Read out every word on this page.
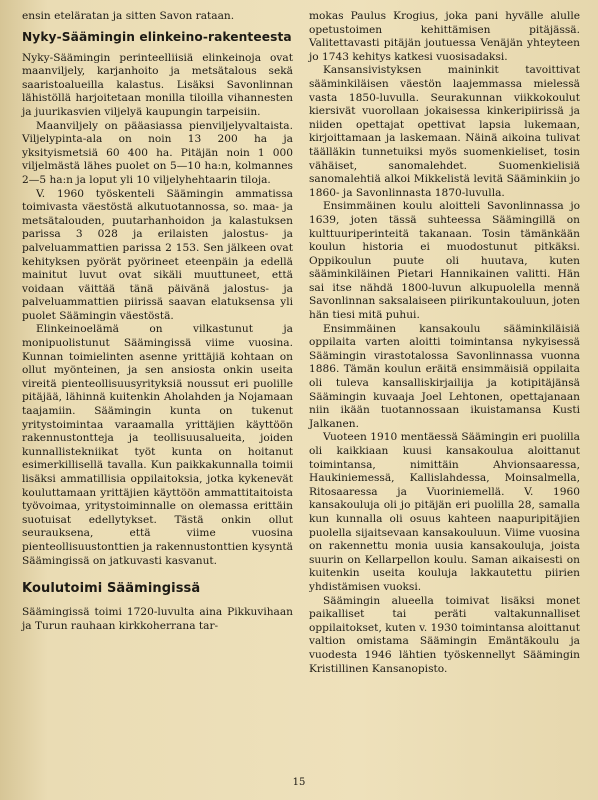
ensin eteläratan ja sitten Savon rataan.

Nyky-Säämingin elinkeino-rakenteesta

Nyky-Säämingin perinteelliisiä elinkeinoja ovat maanviljely, karjanhoito ja metsätalous sekä saaristoalueilla kalastus. Lisäksi Savonlinnan lähistöllä harjoitetaan monilla tiloilla vihannesten ja juurikasvien viljelyä kaupungin tarpeisiin.

Maanviljely on pääasiassa pienviljelyvaltaista. Viljelypinta-ala on noin 13 200 ha ja yksityismetsiä 60 400 ha. Pitäjän noin 1 000 viljelmästä lähes puolet on 5—10 ha:n, kolmannes 2—5 ha:n ja loput yli 10 viljelyhehtaarin tiloja.

V. 1960 työskenteli Säämingin ammatissa toimivasta väestöstä alkutuotannossa, so. maa- ja metsätalouden, puutarhanhoidon ja kalastuksen parissa 3 028 ja erilaisten jalostus- ja palveluammattien parissa 2 153. Sen jälkeen ovat kehityksen pyörät pyörineet eteenpäin ja edellä mainitut luvut ovat sikäli muuttuneet, että voidaan väittää tänä päivänä jalostus- ja palveluammattien piirissä saavan elatuksensa yli puolet Säämingin väestöstä.

Elinkeinoelämä on vilkastunut ja monipuolistunut Säämingissä viime vuosina. Kunnan toimielinten asenne yrittäjiä kohtaan on ollut myönteinen, ja sen ansiosta onkin useita vireitä pienteollisuusyrityksiä noussut eri puolille pitäjää, lähinnä kuitenkin Aholahden ja Nojamaan taajamiin. Säämingin kunta on tukenut yritystoimintaa varaamalla yrittäjien käyttöön rakennustontteja ja teollisuusalueita, joiden kunnallistekniikat työt kunta on hoitanut esimerkillisellä tavalla. Kun paikkakunnalla toimii lisäksi ammatillisia oppilaitoksia, jotka kykenevät kouluttamaan yrittäjien käyttöön ammattitaitoista työvoimaa, yritystoiminnalle on olemassa erittäin suotuisat edellytykset. Tästä onkin ollut seurauksena, että viime vuosina pienteollisuustonttien ja rakennustonttien kysyntä Säämingissä on jatkuvasti kasvanut.

Koulutoimi Säämingissä

Säämingissä toimi 1720-luvulta aina Pikkuvihaan ja Turun rauhaan kirkkoherrana tar-

mokas Paulus Krogius, joka pani hyvälle alulle opetustoimen kehittämisen pitäjässä. Valitettavasti pitäjän joutuessa Venäjän yhteyteen jo 1743 kehitys katkesi vuosisadaksi.

Kansansivistyksen maininkit tavoittivat sääminkiläisen väestön laajemmassa mielessä vasta 1850-luvulla. Seurakunnan viikkokoulut kiersivät vuorollaan jokaisessa kinkeripiirissä ja niiden opettajat opettivat lapsia lukemaan, kirjoittamaan ja laskemaan. Näinä aikoina tulivat täälläkin tunnetuiksi myös suomenkieliset, tosin vähäiset, sanomalehdet. Suomenkielisiä sanomalehtiä alkoi Mikkelistä levitä Sääminkiin jo 1860- ja Savonlinnasta 1870-luvulla.

Ensimmäinen koulu aloitteli Savonlinnassa jo 1639, joten tässä suhteessa Säämingillä on kulttuuriperinteitä takanaan. Tosin tämänkään koulun historia ei muodostunut pitkäksi. Oppikoulun puute oli huutava, kuten sääminkiläinen Pietari Hannikainen valitti. Hän sai itse nähdä 1800-luvun alkupuolella mennä Savonlinnan saksalaiseen piirikuntakouluun, joten hän tiesi mitä puhui.

Ensimmäinen kansakoulu sääminkiläisiä oppilaita varten aloitti toimintansa nykyisessä Säämingin virastotalossa Savonlinnassa vuonna 1886. Tämän koulun eräitä ensimmäisiä oppilaita oli tuleva kansalliskirjailija ja kotipitäjänsä Säämingin kuvaaja Joel Lehtonen, opettajanaan niin ikään tuotannossaan ikuistamansa Kusti Jalkanen.

Vuoteen 1910 mentäessä Säämingin eri puolilla oli kaikkiaan kuusi kansakoulua aloittanut toimintansa, nimittäin Ahvionsaaressa, Haukiniemessä, Kallislahdessa, Moinsalmella, Ritosaaressa ja Vuoriniemellä. V. 1960 kansakouluja oli jo pitäjän eri puolilla 28, samalla kun kunnalla oli osuus kahteen naapuripitäjien puolella sijaitsevaan kansakouluun. Viime vuosina on rakennettu monia uusia kansakouluja, joista suurin on Kellarpellon koulu. Saman aikaisesti on kuitenkin useita kouluja lakkautettu piirien yhdistämisen vuoksi.

Säämingin alueella toimivat lisäksi monet paikalliset tai peräti valtakunnalliset oppilaitokset, kuten v. 1930 toimintansa aloittanut valtion omistama Säämingin Emäntäkoulu ja vuodesta 1946 lähtien työskennellyt Säämingin Kristillinen Kansanopisto.

15
